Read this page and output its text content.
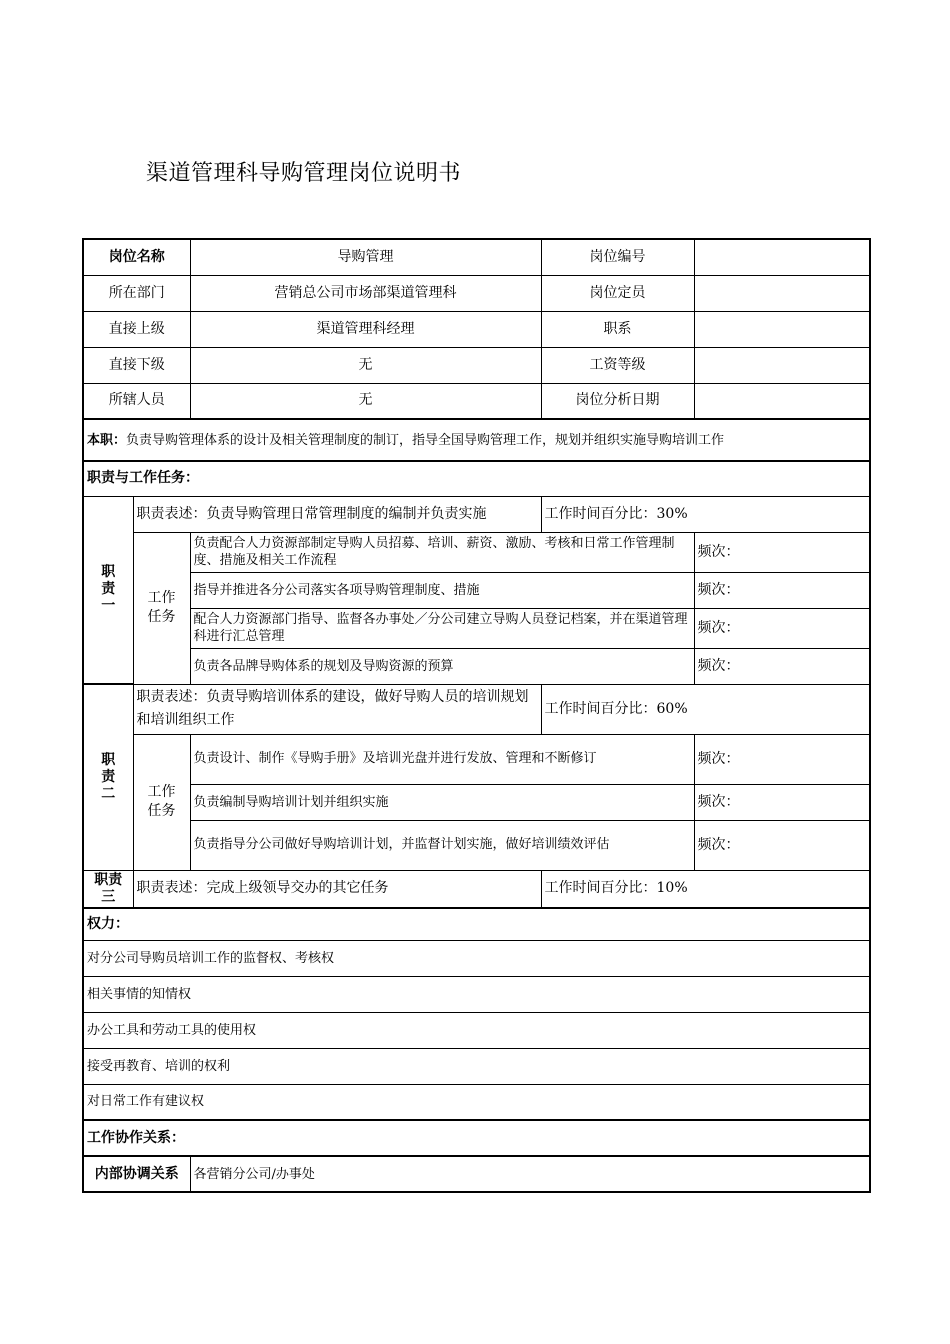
渠道管理科导购管理岗位说明书
岗位名称		导购管理	岗位编号	
所在部门		营销总公司市场部渠道管理科	岗位定员	
直接上级		渠道管理科经理	职系	
直接下级		无	工资等级	
所辖人员		无	岗位分析日期	
本职：负责导购管理体系的设计及相关管理制度的制订，指导全国导购管理工作，规划并组织实施导购培训工作				
职责与工作任务：				
职责一	职责表述：负责导购管理日常管理制度的编制并负责实施		工作时间百分比：30%	
	工作任务	负责配合人力资源部制定导购人员招募、培训、薪资、激励、考核和日常工作管理制度、措施及相关工作流程		频次：
		指导并推进各分公司落实各项导购管理制度、措施		频次：
		配合人力资源部门指导、监督各办事处／分公司建立导购人员登记档案，并在渠道管理科进行汇总管理		频次：
		负责各品牌导购体系的规划及导购资源的预算		频次：
职责二	职责表述：负责导购培训体系的建设，做好导购人员的培训规划和培训组织工作		工作时间百分比：60%	
	工作任务	负责设计、制作《导购手册》及培训光盘并进行发放、管理和不断修订		频次：
		负责编制导购培训计划并组织实施		频次：
		负责指导分公司做好导购培训计划，并监督计划实施，做好培训绩效评估		频次：
职责三	职责表述：完成上级领导交办的其它任务		工作时间百分比：10%	
权力：				
对分公司导购员培训工作的监督权、考核权				
相关事情的知情权				
办公工具和劳动工具的使用权				
接受再教育、培训的权利				
对日常工作有建议权				
工作协作关系：				
内部协调关系		各营销分公司/办事处		
